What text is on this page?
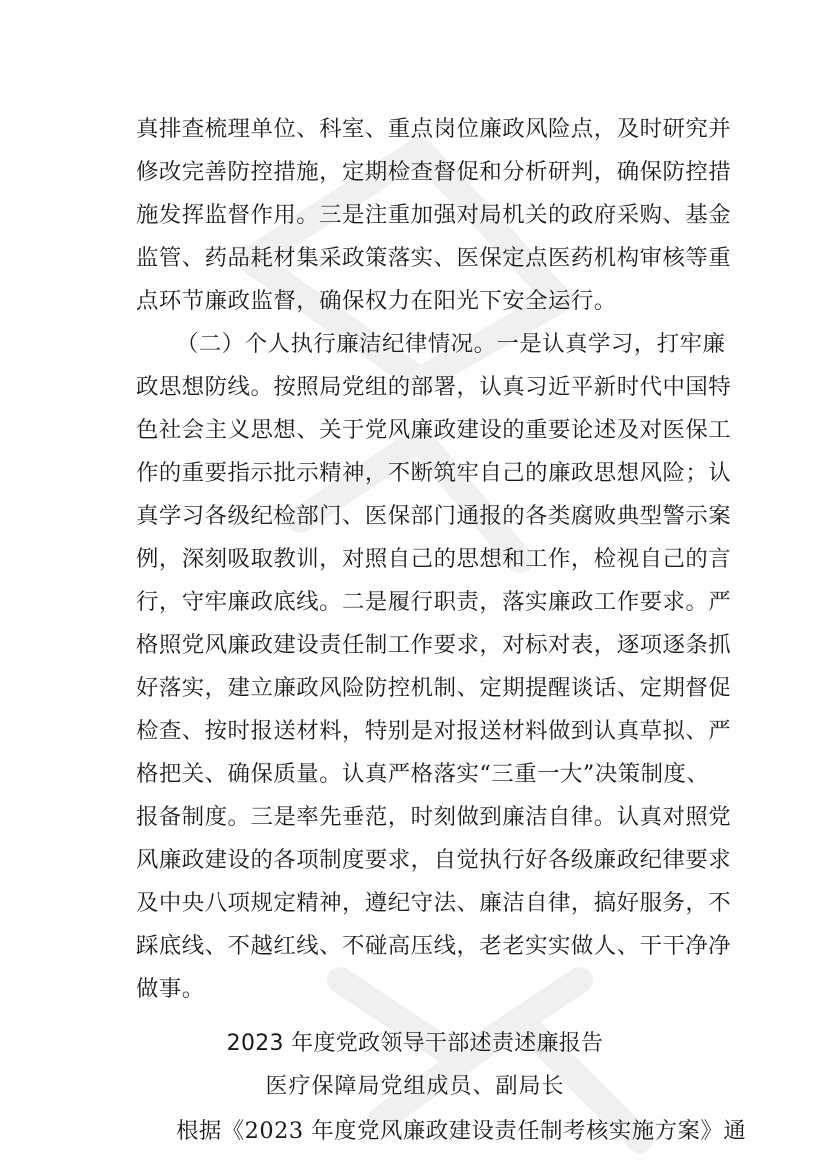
真排查梳理单位、科室、重点岗位廉政风险点，及时研究并
修改完善防控措施，定期检查督促和分析研判，确保防控措
施发挥监督作用。三是注重加强对局机关的政府采购、基金
监管、药品耗材集采政策落实、医保定点医药机构审核等重
点环节廉政监督，确保权力在阳光下安全运行。
（二）个人执行廉洁纪律情况。一是认真学习，打牢廉
政思想防线。按照局党组的部署，认真习近平新时代中国特
色社会主义思想、关于党风廉政建设的重要论述及对医保工
作的重要指示批示精神，不断筑牢自己的廉政思想风险；认
真学习各级纪检部门、医保部门通报的各类腐败典型警示案
例，深刻吸取教训，对照自己的思想和工作，检视自己的言
行，守牢廉政底线。二是履行职责，落实廉政工作要求。严
格照党风廉政建设责任制工作要求，对标对表，逐项逐条抓
好落实，建立廉政风险防控机制、定期提醒谈话、定期督促
检查、按时报送材料，特别是对报送材料做到认真草拟、严
格把关、确保质量。认真严格落实“三重一大”决策制度、
报备制度。三是率先垂范，时刻做到廉洁自律。认真对照党
风廉政建设的各项制度要求，自觉执行好各级廉政纪律要求
及中央八项规定精神，遵纪守法、廉洁自律，搞好服务，不
踩底线、不越红线、不碰高压线，老老实实做人、干干净净
做事。
2023 年度党政领导干部述责述廉报告
医疗保障局党组成员、副局长
根据《2023 年度党风廉政建设责任制考核实施方案》通
